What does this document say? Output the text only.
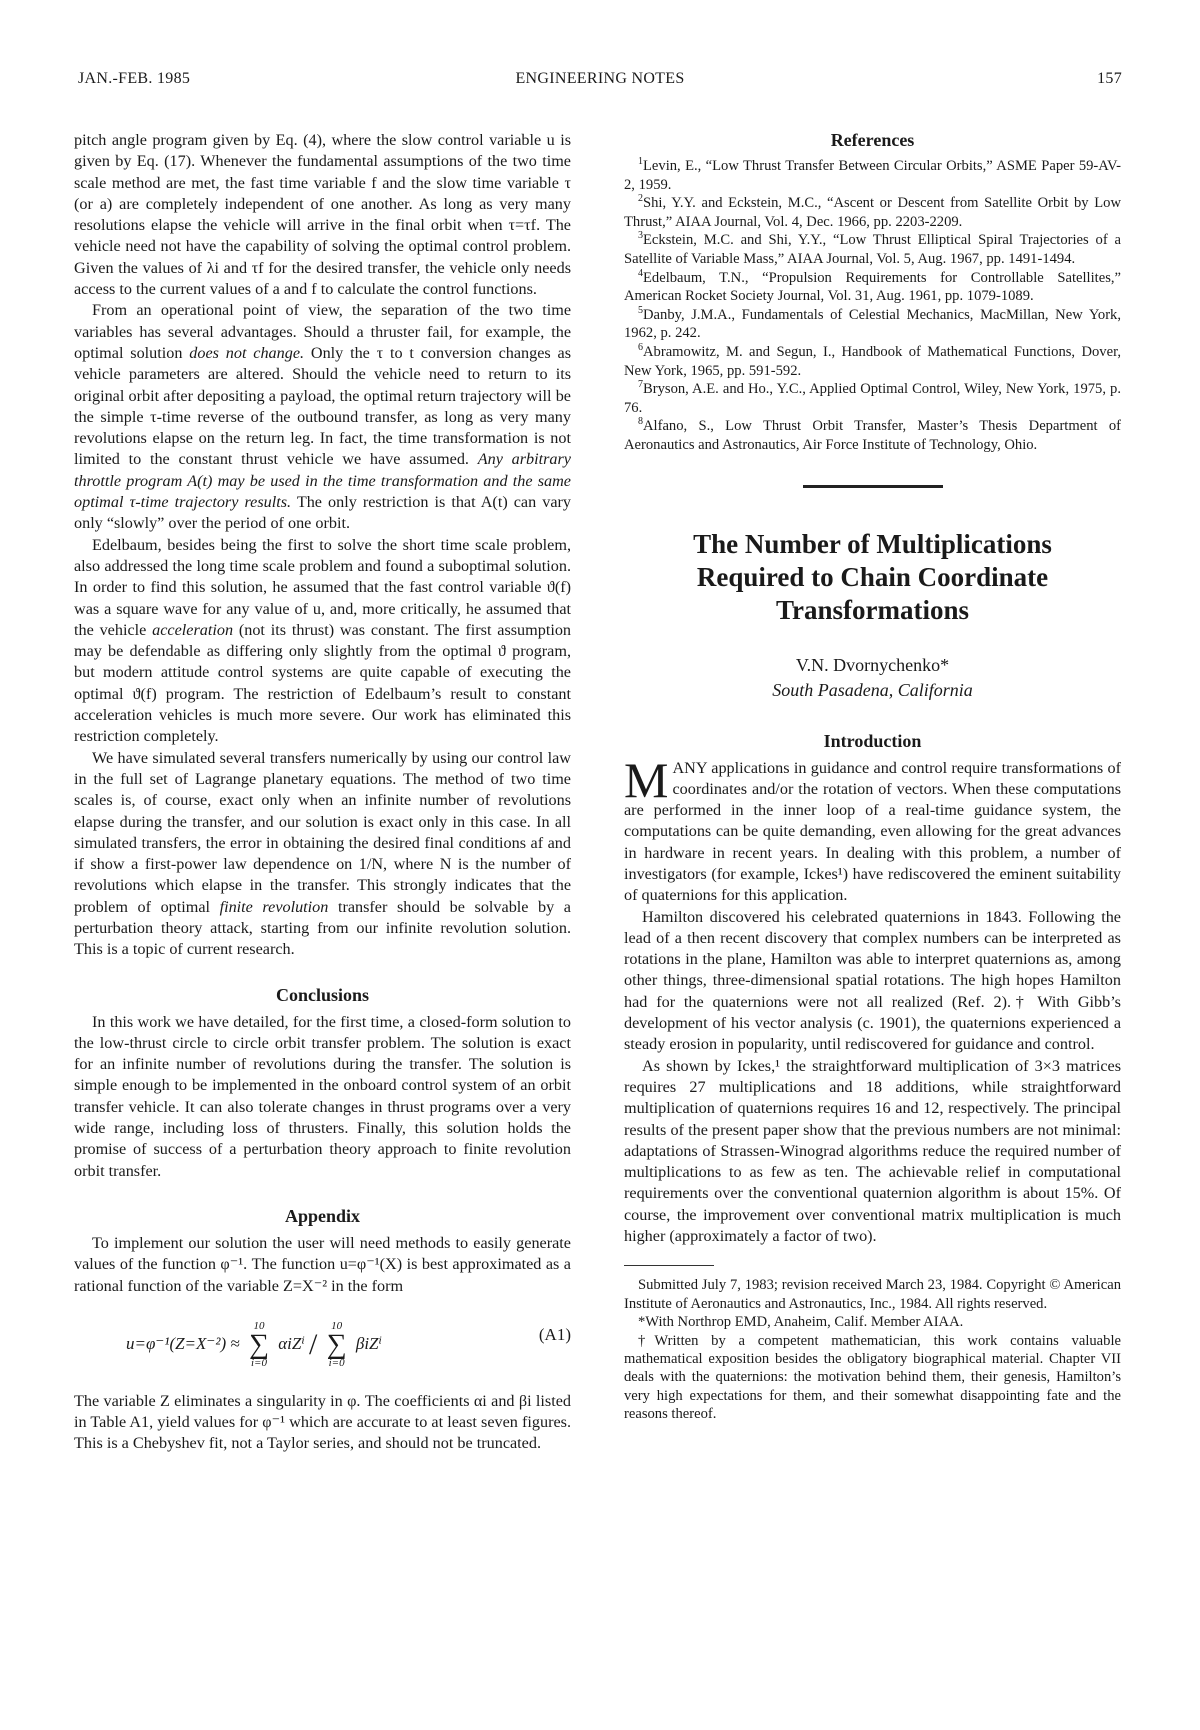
ENGINEERING NOTES
JAN.-FEB. 1985	157

pitch angle program given by Eq. (4), where the slow control variable u is given by Eq. (17). Whenever the fundamental assumptions of the two time scale method are met, the fast time variable f and the slow time variable τ (or a) are completely independent of one another. As long as very many resolutions elapse the vehicle will arrive in the final orbit when τ=τf. The vehicle need not have the capability of solving the optimal control problem. Given the values of λi and τf for the desired transfer, the vehicle only needs access to the current values of a and f to calculate the control functions.

From an operational point of view, the separation of the two time variables has several advantages. Should a thruster fail, for example, the optimal solution does not change. Only the τ to t conversion changes as vehicle parameters are altered. Should the vehicle need to return to its original orbit after depositing a payload, the optimal return trajectory will be the simple τ-time reverse of the outbound transfer, as long as very many revolutions elapse on the return leg. In fact, the time transformation is not limited to the constant thrust vehicle we have assumed. Any arbitrary throttle program A(t) may be used in the time transformation and the same optimal τ-time trajectory results. The only restriction is that A(t) can vary only “slowly” over the period of one orbit.

Edelbaum, besides being the first to solve the short time scale problem, also addressed the long time scale problem and found a suboptimal solution. In order to find this solution, he assumed that the fast control variable ϑ(f) was a square wave for any value of u, and, more critically, he assumed that the vehicle acceleration (not its thrust) was constant. The first assumption may be defendable as differing only slightly from the optimal ϑ program, but modern attitude control systems are quite capable of executing the optimal ϑ(f) program. The restriction of Edelbaum’s result to constant acceleration vehicles is much more severe. Our work has eliminated this restriction completely.

We have simulated several transfers numerically by using our control law in the full set of Lagrange planetary equations. The method of two time scales is, of course, exact only when an infinite number of revolutions elapse during the transfer, and our solution is exact only in this case. In all simulated transfers, the error in obtaining the desired final conditions af and if show a first-power law dependence on 1/N, where N is the number of revolutions which elapse in the transfer. This strongly indicates that the problem of optimal finite revolution transfer should be solvable by a perturbation theory attack, starting from our infinite revolution solution. This is a topic of current research.

Conclusions

In this work we have detailed, for the first time, a closed-form solution to the low-thrust circle to circle orbit transfer problem. The solution is exact for an infinite number of revolutions during the transfer. The solution is simple enough to be implemented in the onboard control system of an orbit transfer vehicle. It can also tolerate changes in thrust programs over a very wide range, including loss of thrusters. Finally, this solution holds the promise of success of a perturbation theory approach to finite revolution orbit transfer.

Appendix

To implement our solution the user will need methods to easily generate values of the function φ⁻¹. The function u=φ⁻¹(X) is best approximated as a rational function of the variable Z=X⁻² in the form

u=φ⁻¹(Z=X⁻²) ≈
10
∑
i=0
αiZⁱ /
10
∑
i=0
βiZⁱ	(A1)

The variable Z eliminates a singularity in φ. The coefficients αi and βi listed in Table A1, yield values for φ⁻¹ which are accurate to at least seven figures. This is a Chebyshev fit, not a Taylor series, and should not be truncated.

References

$^1$Levin, E., “Low Thrust Transfer Between Circular Orbits,” ASME Paper 59-AV-2, 1959.

$^2$Shi, Y.Y. and Eckstein, M.C., “Ascent or Descent from Satellite Orbit by Low Thrust,” AIAA Journal, Vol. 4, Dec. 1966, pp. 2203-2209.

$^3$Eckstein, M.C. and Shi, Y.Y., “Low Thrust Elliptical Spiral Trajectories of a Satellite of Variable Mass,” AIAA Journal, Vol. 5, Aug. 1967, pp. 1491-1494.

$^4$Edelbaum, T.N., “Propulsion Requirements for Controllable Satellites,” American Rocket Society Journal, Vol. 31, Aug. 1961, pp. 1079-1089.

$^5$Danby, J.M.A., Fundamentals of Celestial Mechanics, MacMillan, New York, 1962, p. 242.

$^6$Abramowitz, M. and Segun, I., Handbook of Mathematical Functions, Dover, New York, 1965, pp. 591-592.

$^7$Bryson, A.E. and Ho., Y.C., Applied Optimal Control, Wiley, New York, 1975, p. 76.

$^8$Alfano, S., Low Thrust Orbit Transfer, Master’s Thesis Department of Aeronautics and Astronautics, Air Force Institute of Technology, Ohio.

The Number of Multiplications
Required to Chain Coordinate
Transformations
V.N. Dvornychenko*
South Pasadena, California
Introduction

MANY applications in guidance and control require transformations of coordinates and/or the rotation of vectors. When these computations are performed in the inner loop of a real-time guidance system, the computations can be quite demanding, even allowing for the great advances in hardware in recent years. In dealing with this problem, a number of investigators (for example, Ickes¹) have rediscovered the eminent suitability of quaternions for this application.

Hamilton discovered his celebrated quaternions in 1843. Following the lead of a then recent discovery that complex numbers can be interpreted as rotations in the plane, Hamilton was able to interpret quaternions as, among other things, three-dimensional spatial rotations. The high hopes Hamilton had for the quaternions were not all realized (Ref. 2).† With Gibb’s development of his vector analysis (c. 1901), the quaternions experienced a steady erosion in popularity, until rediscovered for guidance and control.

As shown by Ickes,¹ the straightforward multiplication of 3×3 matrices requires 27 multiplications and 18 additions, while straightforward multiplication of quaternions requires 16 and 12, respectively. The principal results of the present paper show that the previous numbers are not minimal: adaptations of Strassen-Winograd algorithms reduce the required number of multiplications to as few as ten. The achievable relief in computational requirements over the conventional quaternion algorithm is about 15%. Of course, the improvement over conventional matrix multiplication is much higher (approximately a factor of two).

Submitted July 7, 1983; revision received March 23, 1984. Copyright © American Institute of Aeronautics and Astronautics, Inc., 1984. All rights reserved.

*With Northrop EMD, Anaheim, Calif. Member AIAA.

†Written by a competent mathematician, this work contains valuable mathematical exposition besides the obligatory biographical material. Chapter VII deals with the quaternions: the motivation behind them, their genesis, Hamilton’s very high expectations for them, and their somewhat disappointing fate and the reasons thereof.
